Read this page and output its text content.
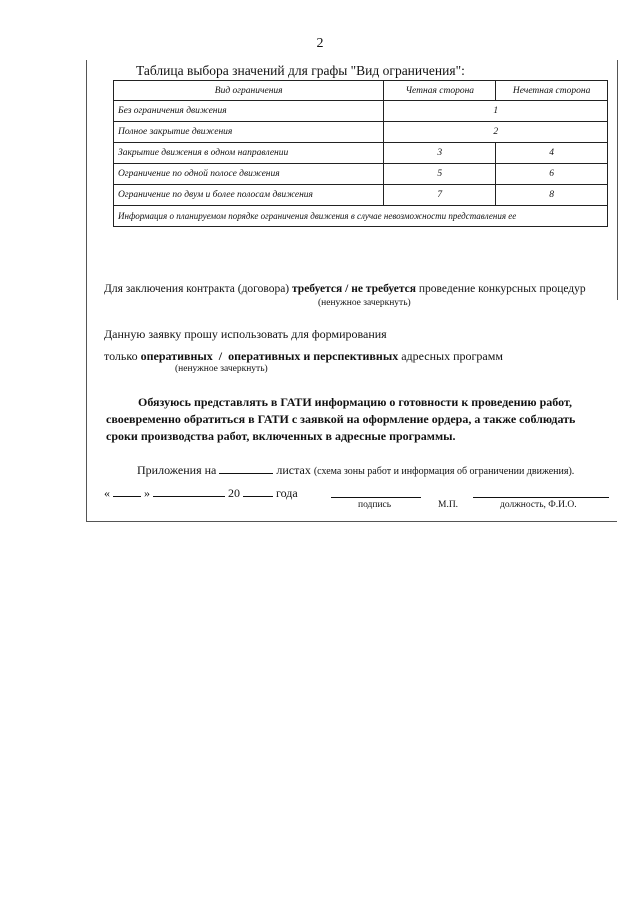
2
Таблица выбора значений для графы "Вид ограничения":
Вид ограничения	Четная сторона	Нечетная сторона
Без ограничения движения	1	
Полное закрытие движения	2	
Закрытие движения в одном направлении	3	4
Ограничение по одной полосе движения	5	6
Ограничение по двум и более полосам движения	7	8
Информация о планируемом порядке ограничения движения в случае невозможности представления ее		
Для заключения контракта (договора) требуется / не требуется проведение конкурсных процедур
(ненужное зачеркнуть)
Данную заявку прошу использовать для формирования
только оперативных  /  оперативных и перспективных адресных программ
(ненужное зачеркнуть)
Обязуюсь представлять в ГАТИ информацию о готовности к проведению работ,
своевременно обратиться в ГАТИ с заявкой на оформление ордера, а также соблюдать
сроки производства работ, включенных в адресные программы.
Приложения на	листах (схема зоны работ и информация об ограничении движения).
«	»	20	года
подпись	М.П.	должность, Ф.И.О.
